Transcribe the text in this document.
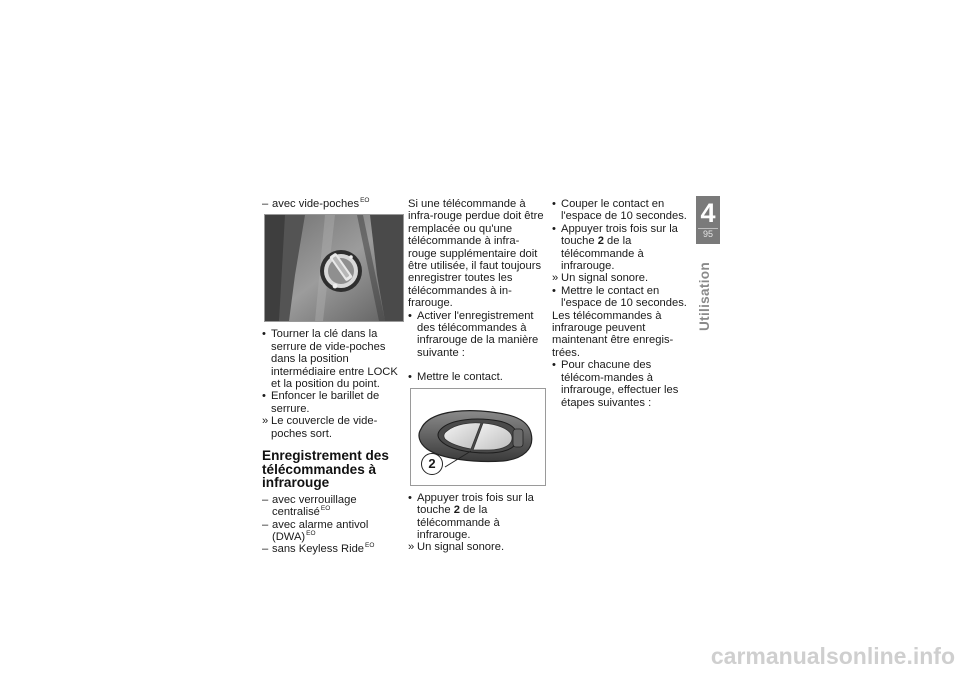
– avec vide-poches$^{EO}$
• Tourner la clé dans la serrure de vide-poches dans la position intermédiaire entre LOCK et la position du point.
• Enfoncer le barillet de serrure.
» Le couvercle de vide-poches sort.
Enregistrement des télécommandes à infrarouge
– avec verrouillage centralisé$^{EO}$
– avec alarme antivol (DWA)$^{EO}$
– sans Keyless Ride$^{EO}$

Si une télécommande à infra-rouge perdue doit être remplacée ou qu'une télécommande à infra-rouge supplémentaire doit être utilisée, il faut toujours enregistrer toutes les télécommandes à in-frarouge.

• Activer l'enregistrement des télécommandes à infrarouge de la manière suivante :
• Mettre le contact.
2
• Appuyer trois fois sur la touche 2 de la télécommande à infrarouge.
» Un signal sonore.
• Couper le contact en l'espace de 10 secondes.
• Appuyer trois fois sur la touche 2 de la télécommande à infrarouge.
» Un signal sonore.
• Mettre le contact en l'espace de 10 secondes.

Les télécommandes à infrarouge peuvent maintenant être enregis-trées.

• Pour chacune des télécom-mandes à infrarouge, effectuer les étapes suivantes :
4
95
Utilisation
carmanualsonline.info
